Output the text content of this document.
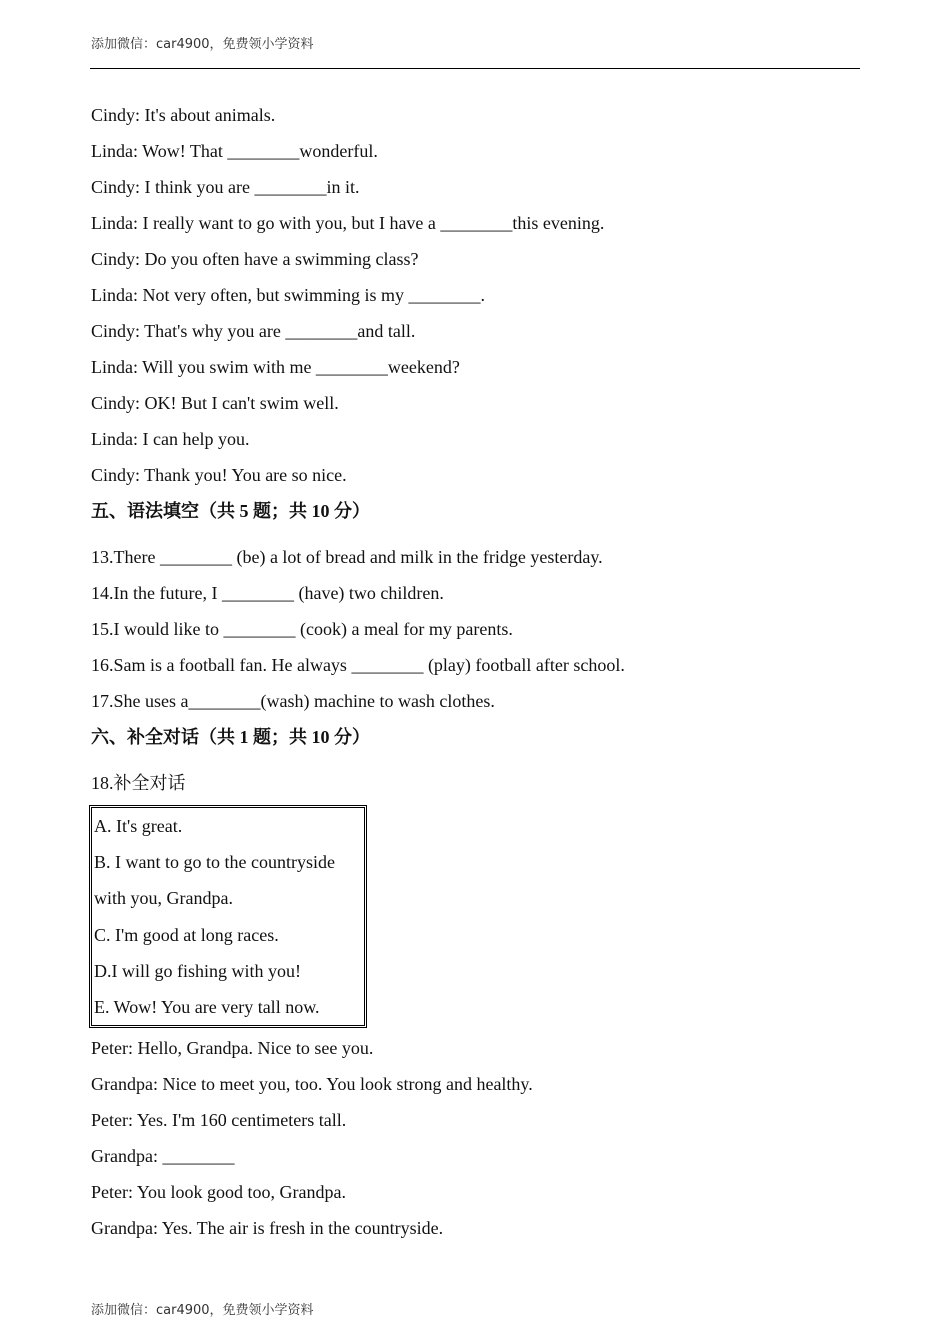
添加微信：car4900，免费领小学资料
Cindy: It's about animals.
Linda: Wow! That ________wonderful.
Cindy: I think you are ________in it.
Linda: I really want to go with you, but I have a ________this evening.
Cindy: Do you often have a swimming class?
Linda: Not very often, but swimming is my ________.
Cindy: That's why you are ________and tall.
Linda: Will you swim with me ________weekend?
Cindy: OK! But I can't swim well.
Linda: I can help you.
Cindy: Thank you! You are so nice.
五、语法填空（共 5 题；共 10 分）
13.There ________ (be) a lot of bread and milk in the fridge yesterday.
14.In the future, I ________ (have) two children.
15.I would like to ________ (cook) a meal for my parents.
16.Sam is a football fan. He always ________ (play) football after school.
17.She uses a________(wash) machine to wash clothes.
六、补全对话（共 1 题；共 10 分）
18.补全对话
A. It's great.
B. I want to go to the countryside with you, Grandpa.
C. I'm good at long races.
D.I will go fishing with you!
E. Wow! You are very tall now.
Peter: Hello, Grandpa. Nice to see you.
Grandpa: Nice to meet you, too. You look strong and healthy.
Peter: Yes. I'm 160 centimeters tall.
Grandpa: ________
Peter: You look good too, Grandpa.
Grandpa: Yes. The air is fresh in the countryside.
添加微信：car4900，免费领小学资料
